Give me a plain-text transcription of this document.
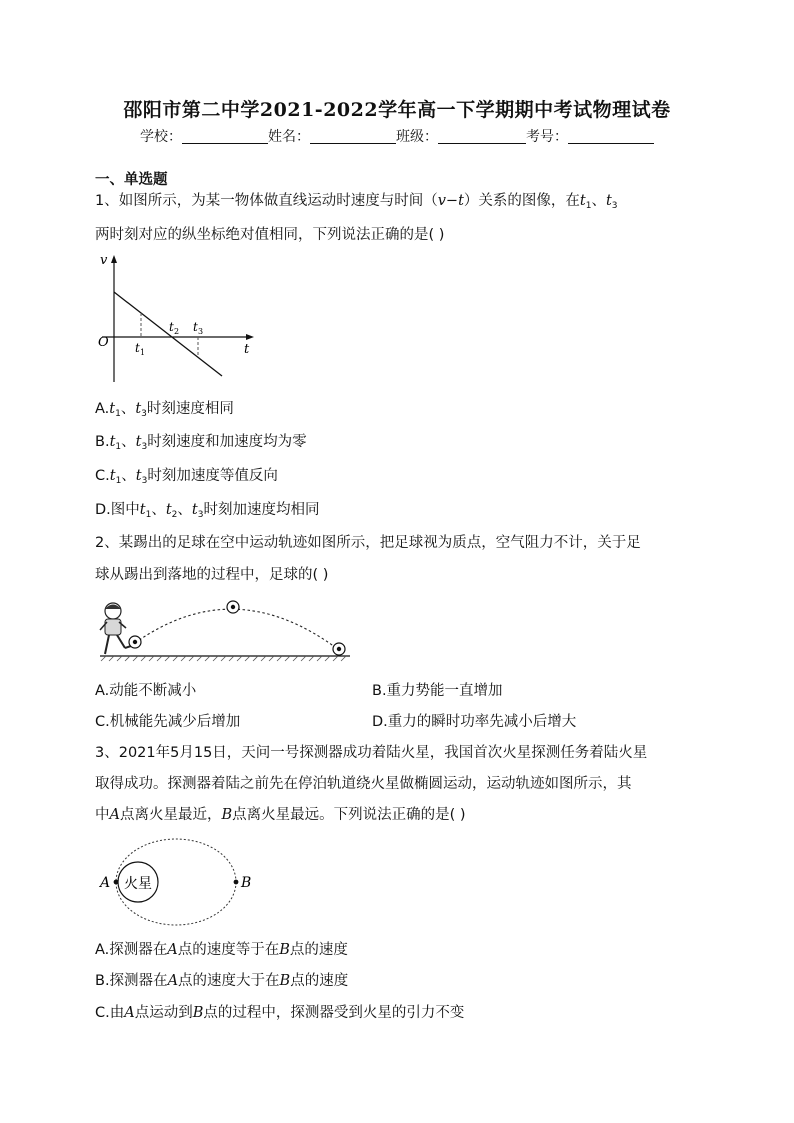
邵阳市第二中学2021-2022学年高一下学期期中考试物理试卷
学校：	姓名：	班级：	考号：
一、单选题
1、如图所示，为某一物体做直线运动时速度与时间（v−t）关系的图像，在$t_1$、$t_3$
两时刻对应的纵坐标绝对值相同，下列说法正确的是( )
v
O	t
t 1
t 2 t 3
$A.t_1$、$t_3$时刻速度相同
$B.t_1$、$t_3$时刻速度和加速度均为零
$C.t_1$、$t_3$时刻加速度等值反向
D.图中$t_1$、$t_2$、$t_3$时刻加速度均相同
2、某踢出的足球在空中运动轨迹如图所示，把足球视为质点，空气阻力不计，关于足
球从踢出到落地的过程中，足球的( )
A.动能不断减小	B.重力势能一直增加
C.机械能先减少后增加	D.重力的瞬时功率先减小后增大
3、2021年5月15日，天问一号探测器成功着陆火星，我国首次火星探测任务着陆火星
取得成功。探测器着陆之前先在停泊轨道绕火星做椭圆运动，运动轨迹如图所示，其
中A点离火星最近，B点离火星最远。下列说法正确的是( )
火星
A	B
A.探测器在A点的速度等于在B点的速度
B.探测器在A点的速度大于在B点的速度
C.由A点运动到B点的过程中，探测器受到火星的引力不变
